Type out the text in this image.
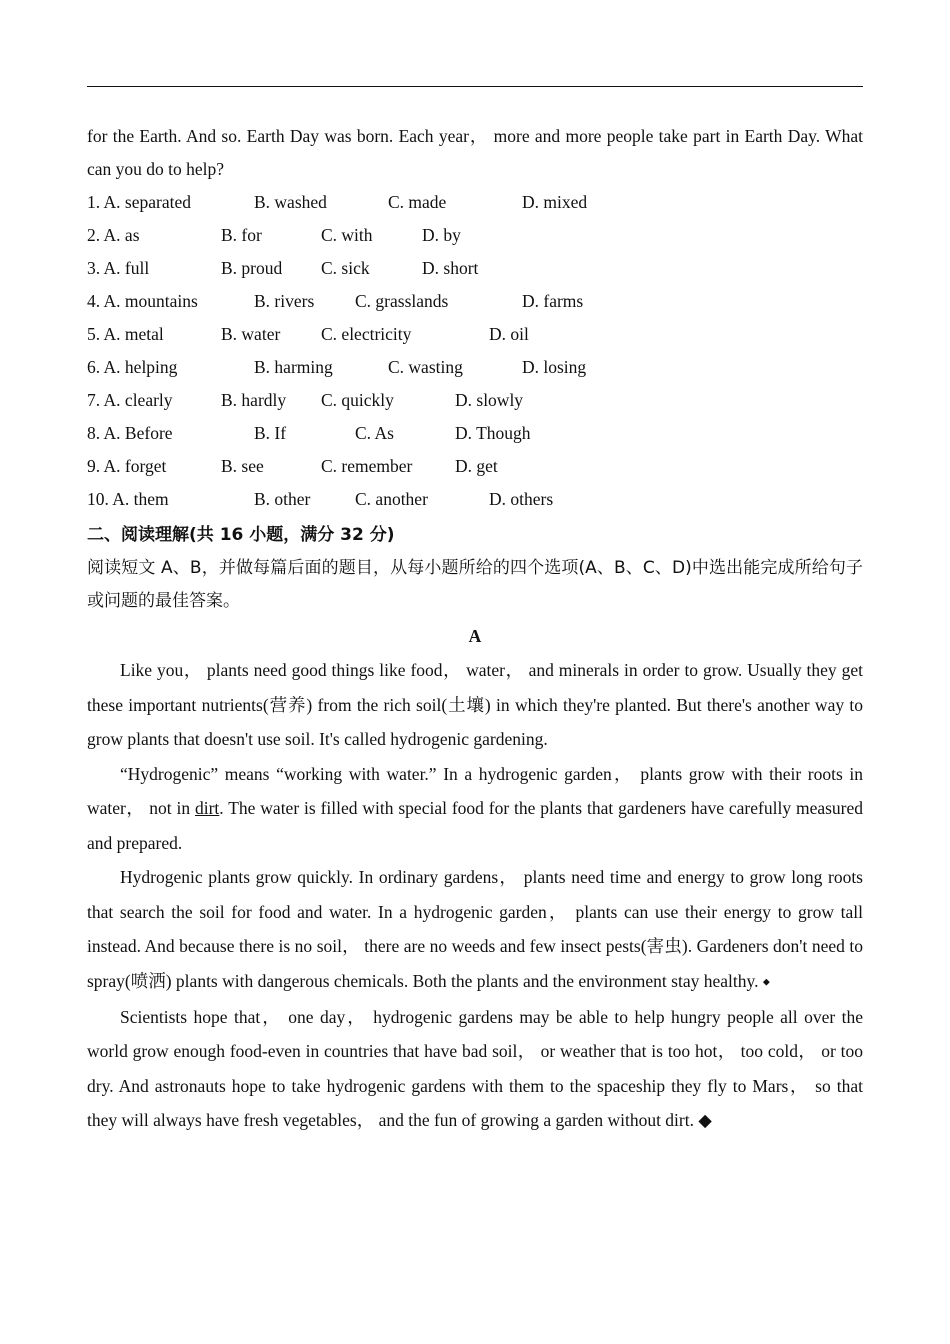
for the Earth. And so. Earth Day was born. Each year， more and more people take part in Earth Day. What can you do to help?

1. A. separated	B. washed	C. made	D. mixed
2. A. as	B. for	C. with	D. by
3. A. full	B. proud C. sick	D. short
4. A. mountains	B. rivers C. grasslands	D. farms
5. A. metal	B. water C. electricity	D. oil
6. A. helping	B. harming	C. wasting	D. losing
7. A. clearly	B. hardly C. quickly	D. slowly
8. A. Before	B. If	C. As	D. Though
9. A. forget	B. see	C. remember D. get
10. A. them	B. other	C. another	D. others

二、阅读理解(共 16 小题，满分 32 分)

阅读短文 A、B，并做每篇后面的题目，从每小题所给的四个选项(A、B、C、D)中选出能完成所给句子或问题的最佳答案。

A

Like you， plants need good things like food， water， and minerals in order to grow. Usually they get these important nutrients(营养) from the rich soil(土壤) in which they're planted. But there's another way to grow plants that doesn't use soil. It's called hydrogenic gardening.

“Hydrogenic” means “working with water.” In a hydrogenic garden， plants grow with their roots in water， not in dirt. The water is filled with special food for the plants that gardeners have carefully measured and prepared.

Hydrogenic plants grow quickly. In ordinary gardens， plants need time and energy to grow long roots that search the soil for food and water. In a hydrogenic garden， plants can use their energy to grow tall instead. And because there is no soil， there are no weeds and few insect pests(害虫). Gardeners don't need to spray(喷洒) plants with dangerous chemicals. Both the plants and the environment stay healthy. ◆

Scientists hope that， one day， hydrogenic gardens may be able to help hungry people all over the world grow enough food-even in countries that have bad soil， or weather that is too hot， too cold， or too dry. And astronauts hope to take hydrogenic gardens with them to the spaceship they fly to Mars， so that they will always have fresh vegetables， and the fun of growing a garden without dirt. ◆
